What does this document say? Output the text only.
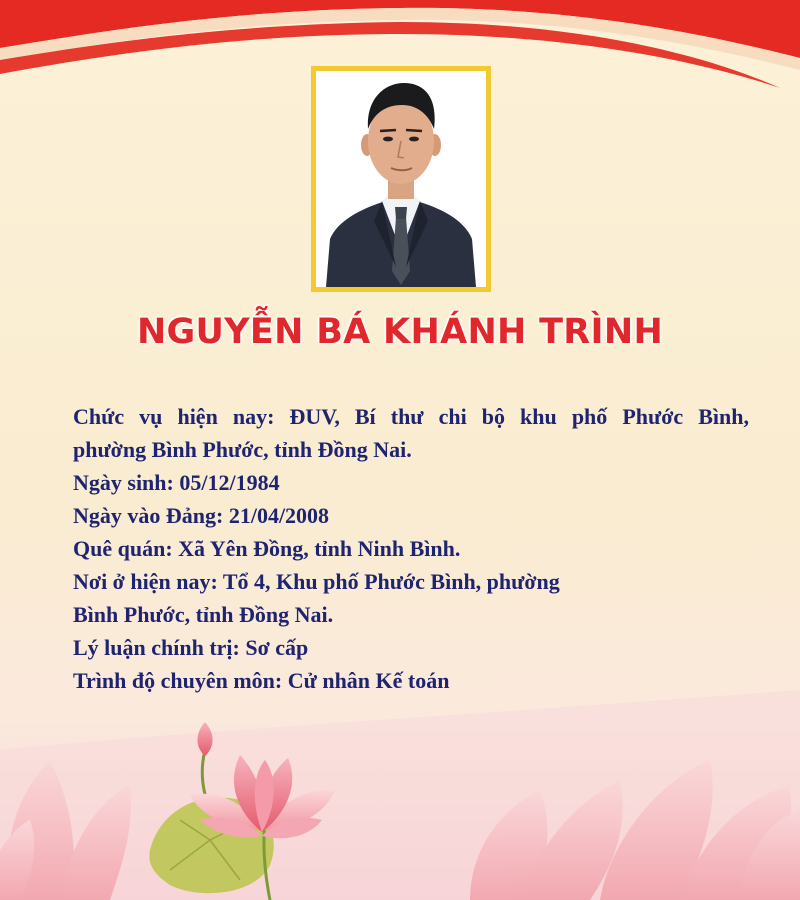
NGUYỄN BÁ KHÁNH TRÌNH
Chức vụ hiện nay: ĐUV, Bí thư chi bộ khu phố Phước Bình,
phường Bình Phước, tỉnh Đồng Nai.
Ngày sinh: 05/12/1984
Ngày vào Đảng: 21/04/2008
Quê quán: Xã Yên Đồng, tỉnh Ninh Bình.
Nơi ở hiện nay: Tổ 4, Khu phố Phước Bình, phường
Bình Phước, tỉnh Đồng Nai.
Lý luận chính trị: Sơ cấp
Trình độ chuyên môn: Cử nhân Kế toán
